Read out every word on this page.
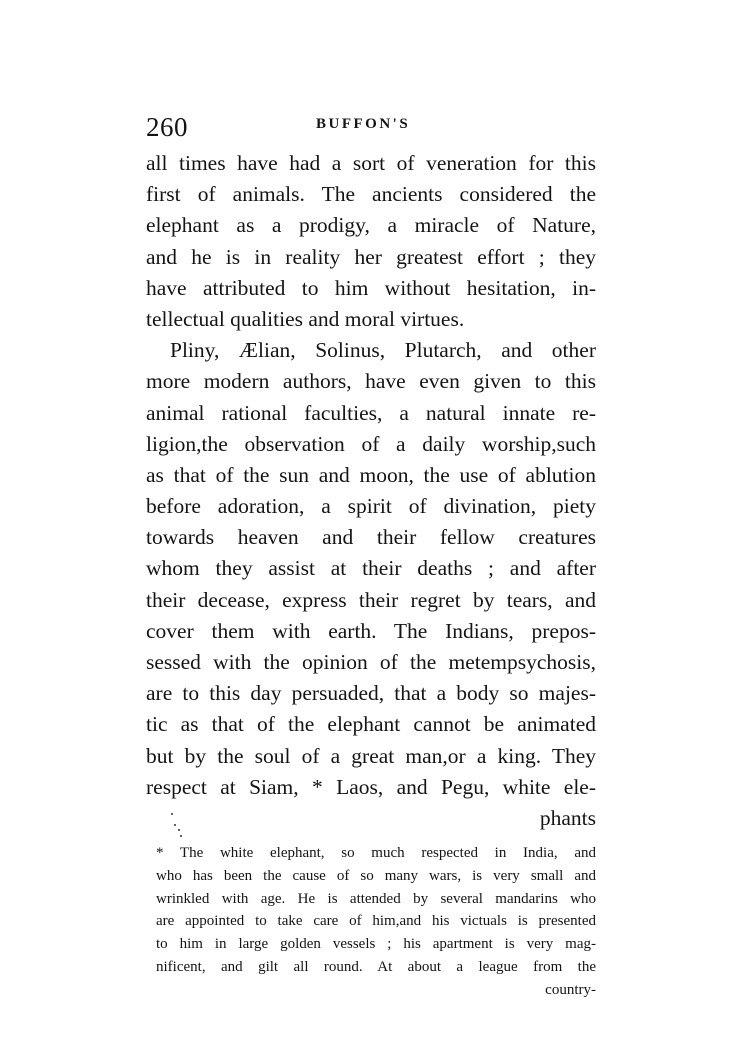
260	BUFFON'S
all times have had a sort of veneration for this
first of animals. The ancients considered the
elephant as a prodigy, a miracle of Nature,
and he is in reality her greatest effort ; they
have attributed to him without hesitation, in-
tellectual qualities and moral virtues.
Pliny, Ælian, Solinus, Plutarch, and other
more modern authors, have even given to this
animal rational faculties, a natural innate re-
ligion,the observation of a daily worship,such
as that of the sun and moon, the use of ablution
before adoration, a spirit of divination, piety
towards heaven and their fellow creatures
whom they assist at their deaths ; and after
their decease, express their regret by tears, and
cover them with earth. The Indians, prepos-
sessed with the opinion of the metempsychosis,
are to this day persuaded, that a body so majes-
tic as that of the elephant cannot be animated
but by the soul of a great man,or a king. They
respect at Siam, * Laos, and Pegu, white ele-
phants
* The white elephant, so much respected in India, and
who has been the cause of so many wars, is very small and
wrinkled with age. He is attended by several mandarins who
are appointed to take care of him,and his victuals is presented
to him in large golden vessels ; his apartment is very mag-
nificent, and gilt all round. At about a league from the
country-
